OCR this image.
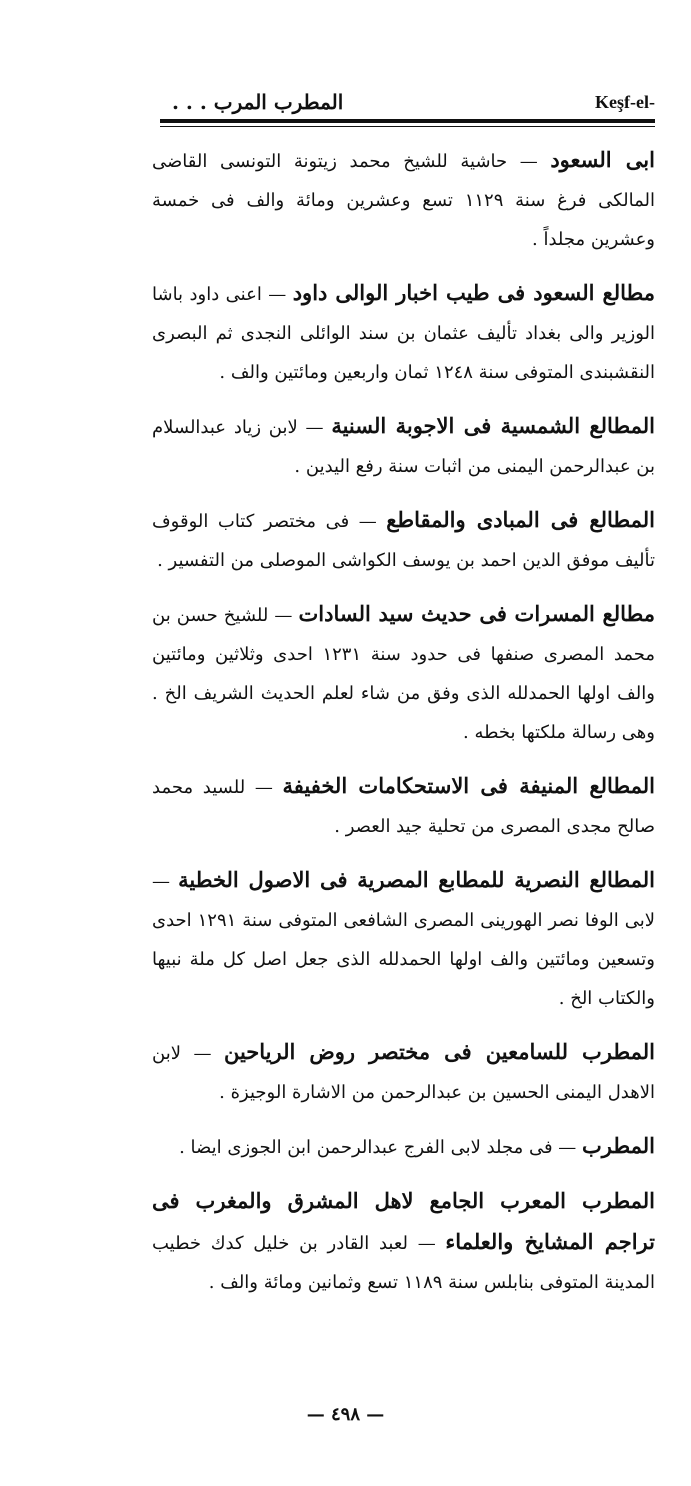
المطرب المرب . . .	Keşf-el-

ابى السعود — حاشية للشيخ محمد زيتونة التونسى القاضى المالكى فرغ سنة ١١٢٩ تسع وعشرين ومائة والف فى خمسة وعشرين مجلداً .

مطالع السعود فى طيب اخبار الوالى داود — اعنى داود باشا الوزير والى بغداد تأليف عثمان بن سند الوائلى النجدى ثم البصرى النقشبندى المتوفى سنة ١٢٤٨ ثمان واربعين ومائتين والف .

المطالع الشمسية فى الاجوبة السنية — لابن زياد عبدالسلام بن عبدالرحمن اليمنى من اثبات سنة رفع اليدين .

المطالع فى المبادى والمقاطع — فى مختصر كتاب الوقوف تأليف موفق الدين احمد بن يوسف الكواشى الموصلى من التفسير .

مطالع المسرات فى حديث سيد السادات — للشيخ حسن بن محمد المصرى صنفها فى حدود سنة ١٢٣١ احدى وثلاثين ومائتين والف اولها الحمدلله الذى وفق من شاء لعلم الحديث الشريف الخ . وهى رسالة ملكتها بخطه .

المطالع المنيفة فى الاستحكامات الخفيفة — للسيد محمد صالح مجدى المصرى من تحلية جيد العصر .

المطالع النصرية للمطابع المصرية فى الاصول الخطية — لابى الوفا نصر الهورينى المصرى الشافعى المتوفى سنة ١٢٩١ احدى وتسعين ومائتين والف اولها الحمدلله الذى جعل اصل كل ملة نبيها والكتاب الخ .

المطرب للسامعين فى مختصر روض الرياحين — لابن الاهدل اليمنى الحسين بن عبدالرحمن من الاشارة الوجيزة .

المطرب — فى مجلد لابى الفرج عبدالرحمن ابن الجوزى ايضا .

المطرب المعرب الجامع لاهل المشرق والمغرب فى تراجم المشايخ والعلماء — لعبد القادر بن خليل كدك خطيب المدينة المتوفى بنابلس سنة ١١٨٩ تسع وثمانين ومائة والف .

— ٤٩٨ —
